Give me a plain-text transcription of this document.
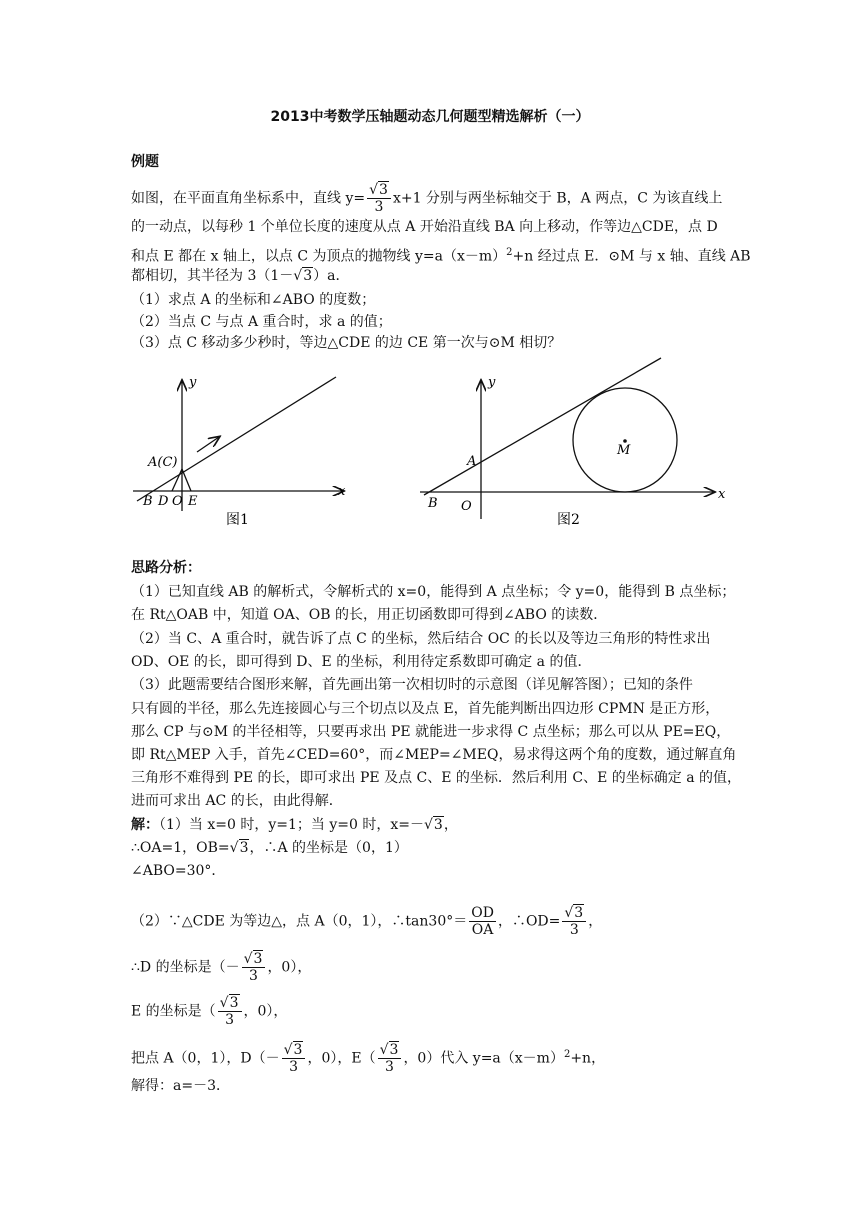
2013中考数学压轴题动态几何题型精选解析（一）
例题
如图，在平面直角坐标系中，直线 $y= \frac{√3}{3} x+1$ 分别与两坐标轴交于 B，A 两点，C 为该直线上
的一动点，以每秒 1 个单位长度的速度从点 A 开始沿直线 BA 向上移动，作等边△CDE，点 D
和点 E 都在 x 轴上，以点 C 为顶点的抛物线 $y=a(x-m)^2+n$ 经过点 E．⊙M 与 x 轴、直线 AB
都相切，其半径为 3（1－√3）a．
（1）求点 A 的坐标和∠ABO 的度数；
（2）当点 C 与点 A 重合时，求 a 的值；
（3）点 C 移动多少秒时，等边△CDE 的边 CE 第一次与⊙M 相切？
y
x
A(C)
B D O E
图1
y
x
A
B O
M
图2
思路分析：
（1）已知直线 AB 的解析式，令解析式的 x=0，能得到 A 点坐标；令 y=0，能得到 B 点坐标；
在 Rt△OAB 中，知道 OA、OB 的长，用正切函数即可得到∠ABO 的读数．
（2）当 C、A 重合时，就告诉了点 C 的坐标，然后结合 OC 的长以及等边三角形的特性求出
OD、OE 的长，即可得到 D、E 的坐标，利用待定系数即可确定 a 的值．
（3）此题需要结合图形来解，首先画出第一次相切时的示意图（详见解答图）；已知的条件
只有圆的半径，那么先连接圆心与三个切点以及点 E，首先能判断出四边形 CPMN 是正方形，
那么 CP 与⊙M 的半径相等，只要再求出 PE 就能进一步求得 C 点坐标；那么可以从 PE=EQ，
即 Rt△MEP 入手，首先∠CED=60°，而∠MEP=∠MEQ，易求得这两个角的度数，通过解直角
三角形不难得到 PE 的长，即可求出 PE 及点 C、E 的坐标．然后利用 C、E 的坐标确定 a 的值，
进而可求出 AC 的长，由此得解．
解：（1）当 x=0 时，y=1；当 y=0 时，x=－√3，
∴OA=1，OB=√3，∴A 的坐标是（0，1）
∠ABO=30°．
（2）∵△CDE 为等边△，点 A（0，1），∴tan30°＝ $\frac{OD}{OA}$ ，∴OD= $\frac{√3}{3}$ ，
∴D 的坐标是（－ $\frac{√3}{3}$ ，0），
E 的坐标是（ $\frac{√3}{3}$ ，0），
把点 A（0，1），$D(- \frac{√3}{3}$ ，0），$E( \frac{√3}{3}$ ，0）代入 $y=a(x-m)^2+n$，
解得：a=－3．
